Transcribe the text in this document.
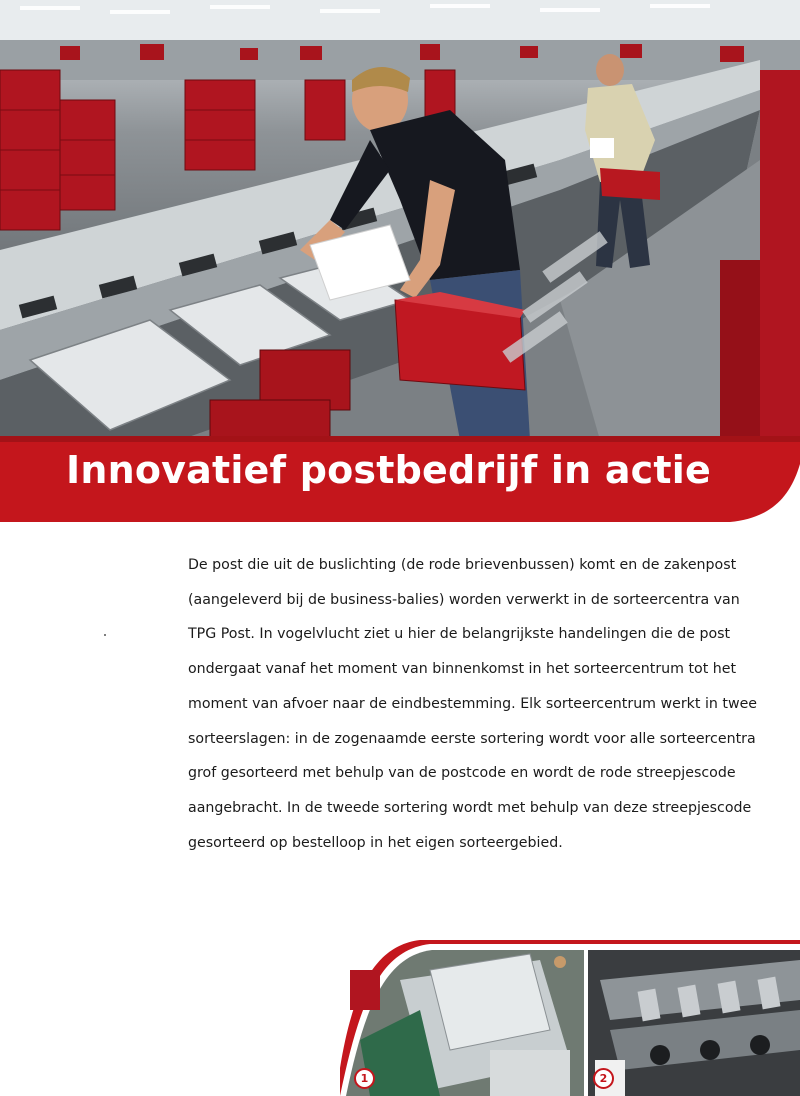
Innovatief postbedrijf in actie

De post die uit de buslichting (de rode brievenbussen) komt en de zakenpost
(aangeleverd bij de business-balies) worden verwerkt in de sorteercentra van
TPG Post. In vogelvlucht ziet u hier de belangrijkste handelingen die de post
ondergaat vanaf het moment van binnenkomst in het sorteercentrum tot het
moment van afvoer naar de eindbestemming. Elk sorteercentrum werkt in twee
sorteerslagen: in de zogenaamde eerste sortering wordt voor alle sorteercentra
grof gesorteerd met behulp van de postcode en wordt de rode streepjescode
aangebracht. In de tweede sortering wordt met behulp van deze streepjescode
gesorteerd op bestelloop in het eigen sorteergebied.

1	2
